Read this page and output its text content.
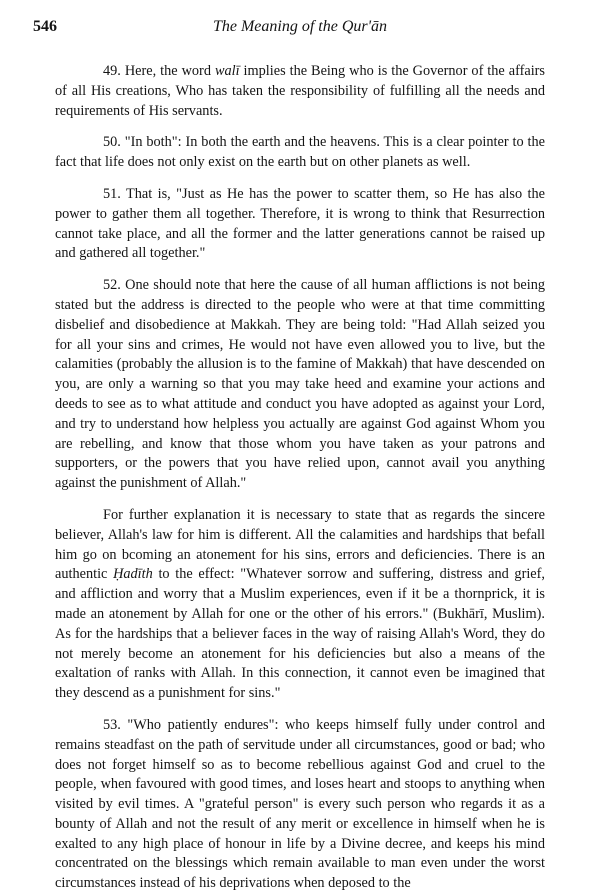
546	The Meaning of the Qur'ān

49. Here, the word walī implies the Being who is the Governor of the affairs of all His creations, Who has taken the responsibility of fulfilling all the needs and requirements of His servants.

50. "In both": In both the earth and the heavens. This is a clear pointer to the fact that life does not only exist on the earth but on other planets as well.

51. That is, "Just as He has the power to scatter them, so He has also the power to gather them all together. Therefore, it is wrong to think that Resurrection cannot take place, and all the former and the latter generations cannot be raised up and gathered all together."

52. One should note that here the cause of all human afflictions is not being stated but the address is directed to the people who were at that time committing disbelief and disobedience at Makkah. They are being told: "Had Allah seized you for all your sins and crimes, He would not have even allowed you to live, but the calamities (probably the allusion is to the famine of Makkah) that have descended on you, are only a warning so that you may take heed and examine your actions and deeds to see as to what attitude and conduct you have adopted as against your Lord, and try to understand how helpless you actually are against God against Whom you are rebelling, and know that those whom you have taken as your patrons and supporters, or the powers that you have relied upon, cannot avail you anything against the punishment of Allah."

For further explanation it is necessary to state that as regards the sincere believer, Allah's law for him is different. All the calamities and hardships that befall him go on bcoming an atonement for his sins, errors and deficiencies. There is an authentic Ḥadīth to the effect: "Whatever sorrow and suffering, distress and grief, and affliction and worry that a Muslim experiences, even if it be a thornprick, it is made an atonement by Allah for one or the other of his errors." (Bukhārī, Muslim). As for the hardships that a believer faces in the way of raising Allah's Word, they do not merely become an atonement for his deficiencies but also a means of the exaltation of ranks with Allah. In this connection, it cannot even be imagined that they descend as a punishment for sins."

53. "Who patiently endures": who keeps himself fully under control and remains steadfast on the path of servitude under all circumstances, good or bad; who does not forget himself so as to become rebellious against God and cruel to the people, when favoured with good times, and loses heart and stoops to anything when visited by evil times. A "grateful person" is every such person who regards it as a bounty of Allah and not the result of any merit or excellence in himself when he is exalted to any high place of honour in life by a Divine decree, and keeps his mind concentrated on the blessings which remain available to man even under the worst circumstances instead of his deprivations when deposed to the
